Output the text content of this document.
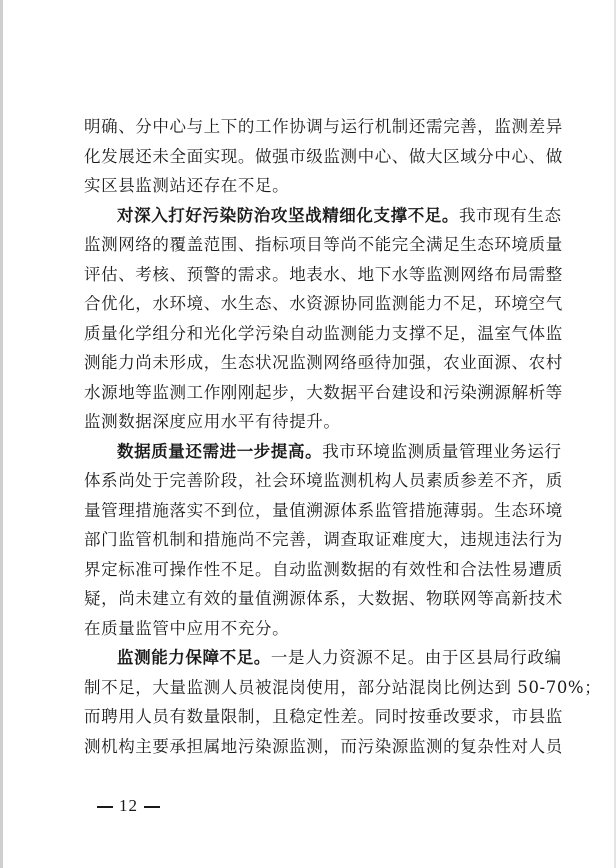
明确、分中心与上下的工作协调与运行机制还需完善，监测差异
化发展还未全面实现。做强市级监测中心、做大区域分中心、做
实区县监测站还存在不足。
对深入打好污染防治攻坚战精细化支撑不足。我市现有生态
监测网络的覆盖范围、指标项目等尚不能完全满足生态环境质量
评估、考核、预警的需求。地表水、地下水等监测网络布局需整
合优化，水环境、水生态、水资源协同监测能力不足，环境空气
质量化学组分和光化学污染自动监测能力支撑不足，温室气体监
测能力尚未形成，生态状况监测网络亟待加强，农业面源、农村
水源地等监测工作刚刚起步，大数据平台建设和污染溯源解析等
监测数据深度应用水平有待提升。
数据质量还需进一步提高。我市环境监测质量管理业务运行
体系尚处于完善阶段，社会环境监测机构人员素质参差不齐，质
量管理措施落实不到位，量值溯源体系监管措施薄弱。生态环境
部门监管机制和措施尚不完善，调查取证难度大，违规违法行为
界定标准可操作性不足。自动监测数据的有效性和合法性易遭质
疑，尚未建立有效的量值溯源体系，大数据、物联网等高新技术
在质量监管中应用不充分。
监测能力保障不足。一是人力资源不足。由于区县局行政编
制不足，大量监测人员被混岗使用，部分站混岗比例达到 50-70%；
而聘用人员有数量限制，且稳定性差。同时按垂改要求，市县监
测机构主要承担属地污染源监测，而污染源监测的复杂性对人员
12
